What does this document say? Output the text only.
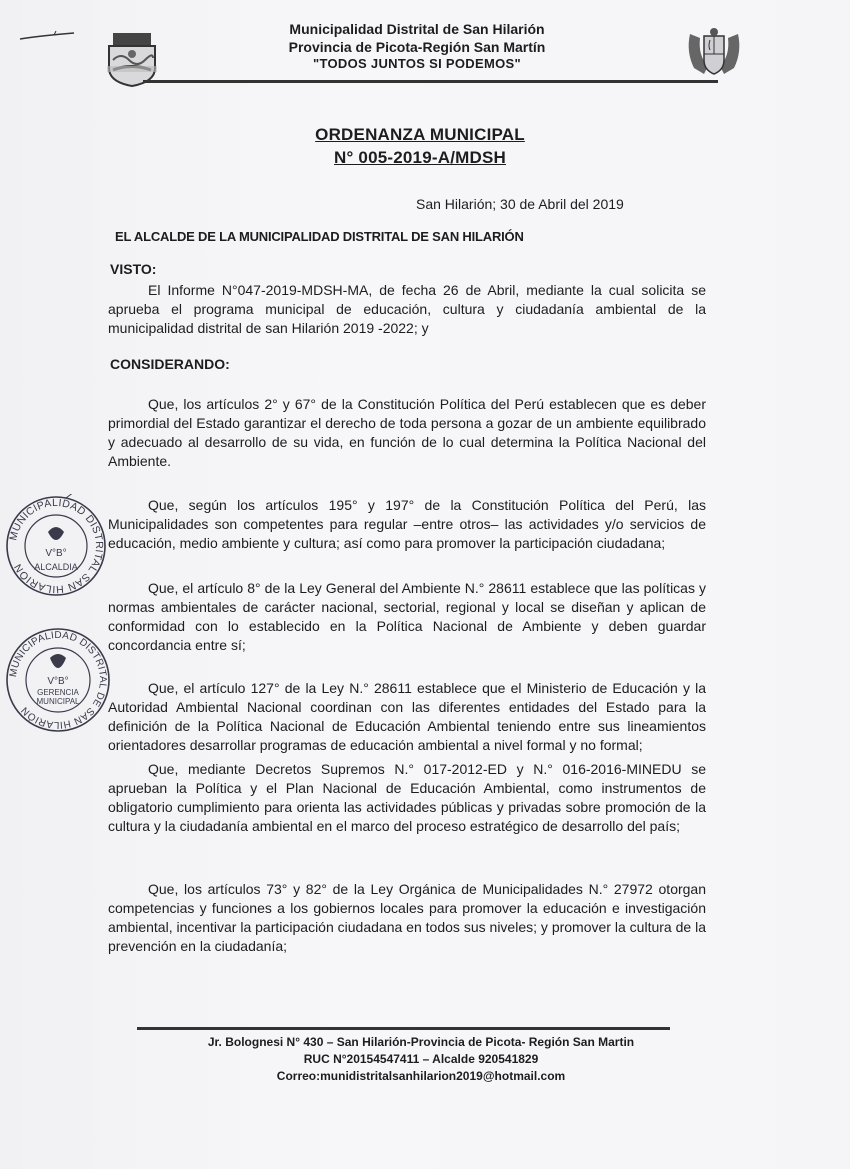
Municipalidad Distrital de San Hilarión
Provincia de Picota-Región San Martín
"TODOS JUNTOS SI PODEMOS"
ORDENANZA MUNICIPAL
N° 005-2019-A/MDSH
San Hilarión; 30 de Abril del 2019
EL ALCALDE DE LA MUNICIPALIDAD DISTRITAL DE SAN HILARIÓN
VISTO:
El Informe N°047-2019-MDSH-MA, de fecha 26 de Abril, mediante la cual solicita se aprueba el programa municipal de educación, cultura y ciudadanía ambiental de la municipalidad distrital de san Hilarión 2019 -2022; y
CONSIDERANDO:
Que, los artículos 2° y 67° de la Constitución Política del Perú establecen que es deber primordial del Estado garantizar el derecho de toda persona a gozar de un ambiente equilibrado y adecuado al desarrollo de su vida, en función de lo cual determina la Política Nacional del Ambiente.
Que, según los artículos 195° y 197° de la Constitución Política del Perú, las Municipalidades son competentes para regular –entre otros– las actividades y/o servicios de educación, medio ambiente y cultura; así como para promover la participación ciudadana;
Que, el artículo 8° de la Ley General del Ambiente N.° 28611 establece que las políticas y normas ambientales de carácter nacional, sectorial, regional y local se diseñan y aplican de conformidad con lo establecido en la Política Nacional de Ambiente y deben guardar concordancia entre sí;
Que, el artículo 127° de la Ley N.° 28611 establece que el Ministerio de Educación y la Autoridad Ambiental Nacional coordinan con las diferentes entidades del Estado para la definición de la Política Nacional de Educación Ambiental teniendo entre sus lineamientos orientadores desarrollar programas de educación ambiental a nivel formal y no formal;
Que, mediante Decretos Supremos N.° 017-2012-ED y N.° 016-2016-MINEDU se aprueban la Política y el Plan Nacional de Educación Ambiental, como instrumentos de obligatorio cumplimiento para orienta las actividades públicas y privadas sobre promoción de la cultura y la ciudadanía ambiental en el marco del proceso estratégico de desarrollo del país;
Que, los artículos 73° y 82° de la Ley Orgánica de Municipalidades N.° 27972 otorgan competencias y funciones a los gobiernos locales para promover la educación e investigación ambiental, incentivar la participación ciudadana en todos sus niveles; y promover la cultura de la prevención en la ciudadanía;
MUNICIPALIDAD DISTRITAL SAN HILARIÓN
V°B°
ALCALDIA
MUNICIPALIDAD DISTRITAL DE SAN HILARIÓN
V°B°
GERENCIA
MUNICIPAL
Jr. Bolognesi N° 430 – San Hilarión-Provincia de Picota- Región San Martin
RUC N°20154547411 – Alcalde 920541829
Correo:munidistritalsanhilarion2019@hotmail.com
